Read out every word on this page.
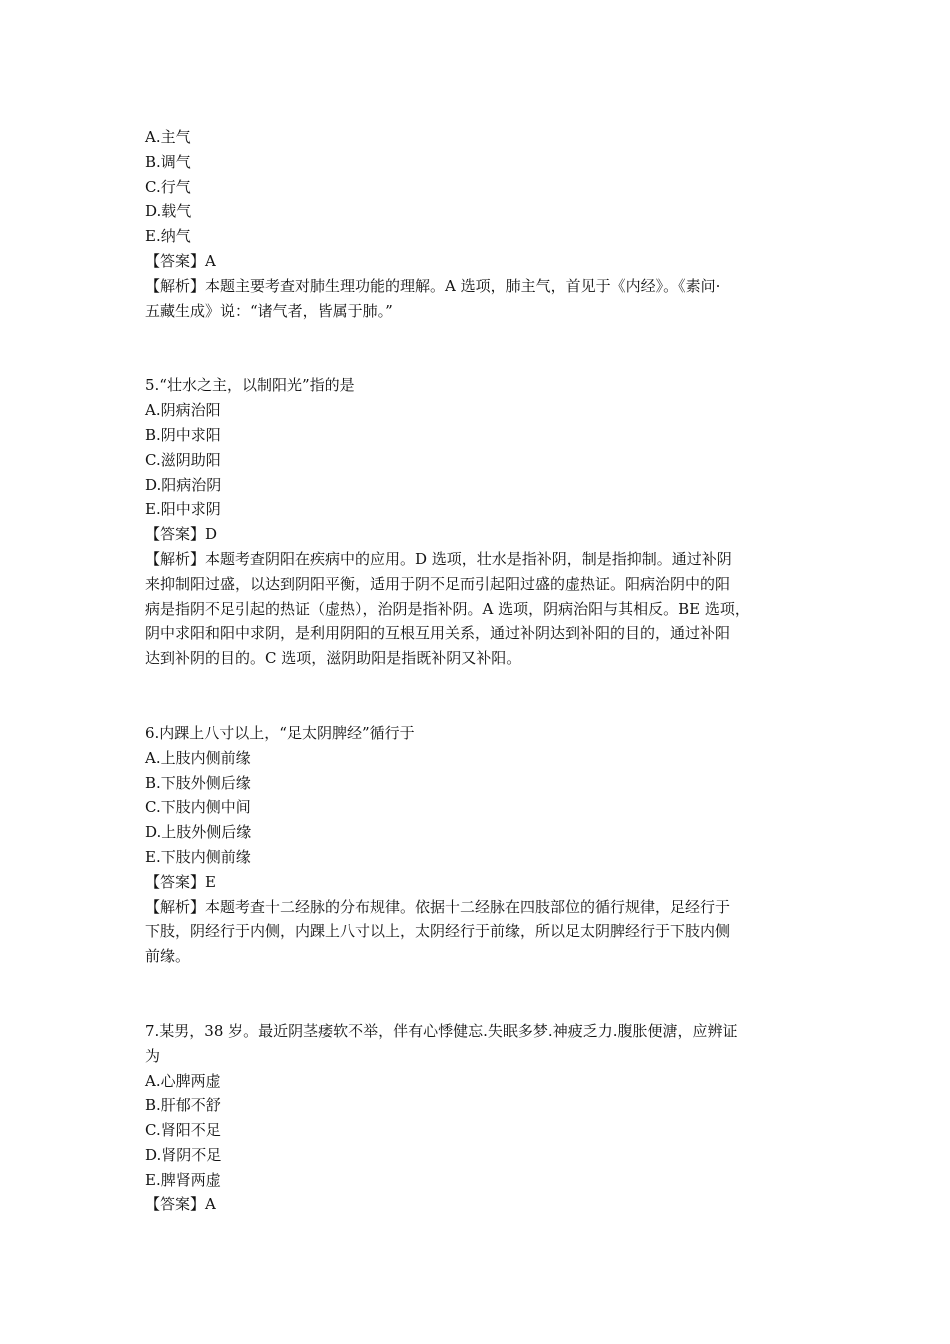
A.主气

B.调气

C.行气

D.载气

E.纳气

【答案】A

【解析】本题主要考查对肺生理功能的理解。A 选项，肺主气，首见于《内经》。《素问·

五藏生成》说：“诸气者，皆属于肺。”

5.“壮水之主，以制阳光”指的是

A.阴病治阳

B.阴中求阳

C.滋阴助阳

D.阳病治阴

E.阳中求阴

【答案】D

【解析】本题考查阴阳在疾病中的应用。D 选项，壮水是指补阴，制是指抑制。通过补阴

来抑制阳过盛，以达到阴阳平衡，适用于阴不足而引起阳过盛的虚热证。阳病治阴中的阳

病是指阴不足引起的热证（虚热），治阴是指补阴。A 选项，阴病治阳与其相反。BE 选项，

阴中求阳和阳中求阴，是利用阴阳的互根互用关系，通过补阴达到补阳的目的，通过补阳

达到补阴的目的。C 选项，滋阴助阳是指既补阴又补阳。

6.内踝上八寸以上，“足太阴脾经”循行于

A.上肢内侧前缘

B.下肢外侧后缘

C.下肢内侧中间

D.上肢外侧后缘

E.下肢内侧前缘

【答案】E

【解析】本题考查十二经脉的分布规律。依据十二经脉在四肢部位的循行规律，足经行于

下肢，阴经行于内侧，内踝上八寸以上，太阴经行于前缘，所以足太阴脾经行于下肢内侧

前缘。

7.某男，38 岁。最近阴茎痿软不举，伴有心悸健忘.失眠多梦.神疲乏力.腹胀便溏，应辨证

为

A.心脾两虚

B.肝郁不舒

C.肾阳不足

D.肾阴不足

E.脾肾两虚

【答案】A
